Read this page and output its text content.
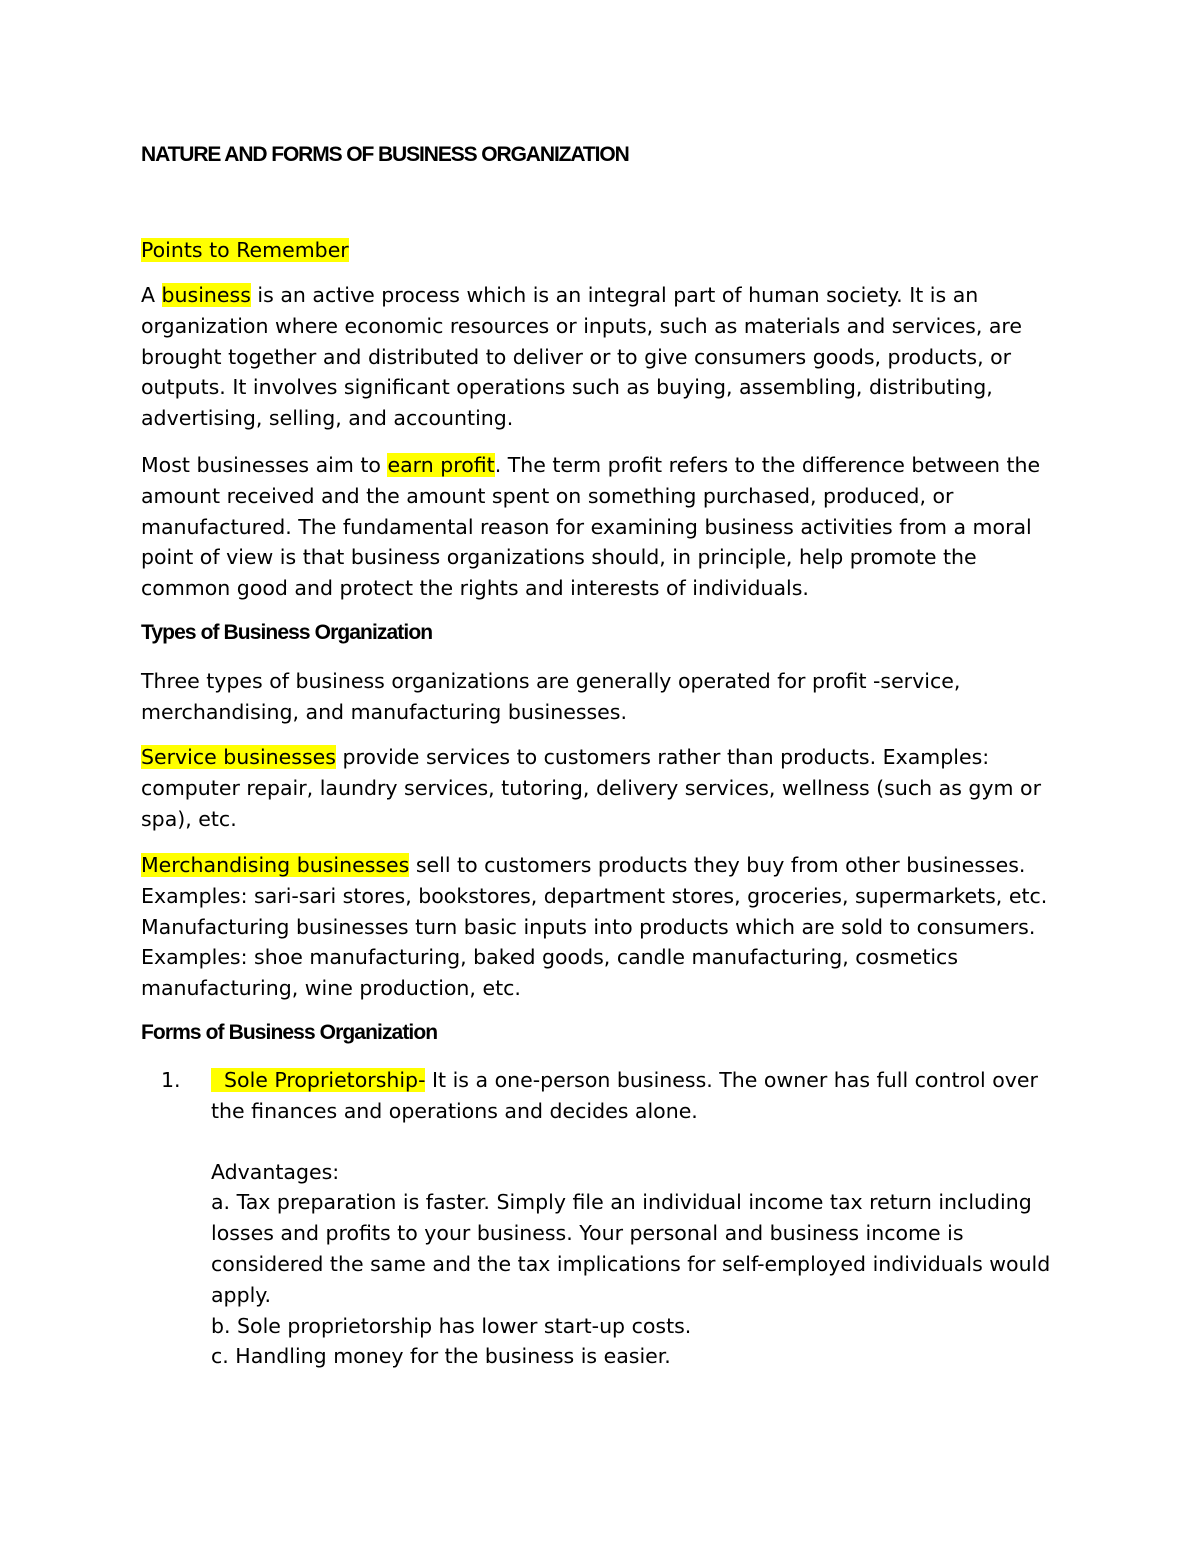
NATURE AND FORMS OF BUSINESS ORGANIZATION

Points to Remember

A business is an active process which is an integral part of human society. It is an organization where economic resources or inputs, such as materials and services, are brought together and distributed to deliver or to give consumers goods, products, or outputs. It involves significant operations such as buying, assembling, distributing, advertising, selling, and accounting.

Most businesses aim to earn profit. The term profit refers to the difference between the amount received and the amount spent on something purchased, produced, or manufactured. The fundamental reason for examining business activities from a moral point of view is that business organizations should, in principle, help promote the common good and protect the rights and interests of individuals.

Types of Business Organization

Three types of business organizations are generally operated for profit -service, merchandising, and manufacturing businesses.

Service businesses provide services to customers rather than products. Examples: computer repair, laundry services, tutoring, delivery services, wellness (such as gym or spa), etc.

Merchandising businesses sell to customers products they buy from other businesses. Examples: sari-sari stores, bookstores, department stores, groceries, supermarkets, etc. Manufacturing businesses turn basic inputs into products which are sold to consumers. Examples: shoe manufacturing, baked goods, candle manufacturing, cosmetics manufacturing, wine production, etc.

Forms of Business Organization
1. Sole Proprietorship- It is a one-person business. The owner has full control over the finances and operations and decides alone.
Advantages:
a. Tax preparation is faster. Simply file an individual income tax return including losses and profits to your business. Your personal and business income is considered the same and the tax implications for self-employed individuals would apply.
b. Sole proprietorship has lower start-up costs.
c. Handling money for the business is easier.
